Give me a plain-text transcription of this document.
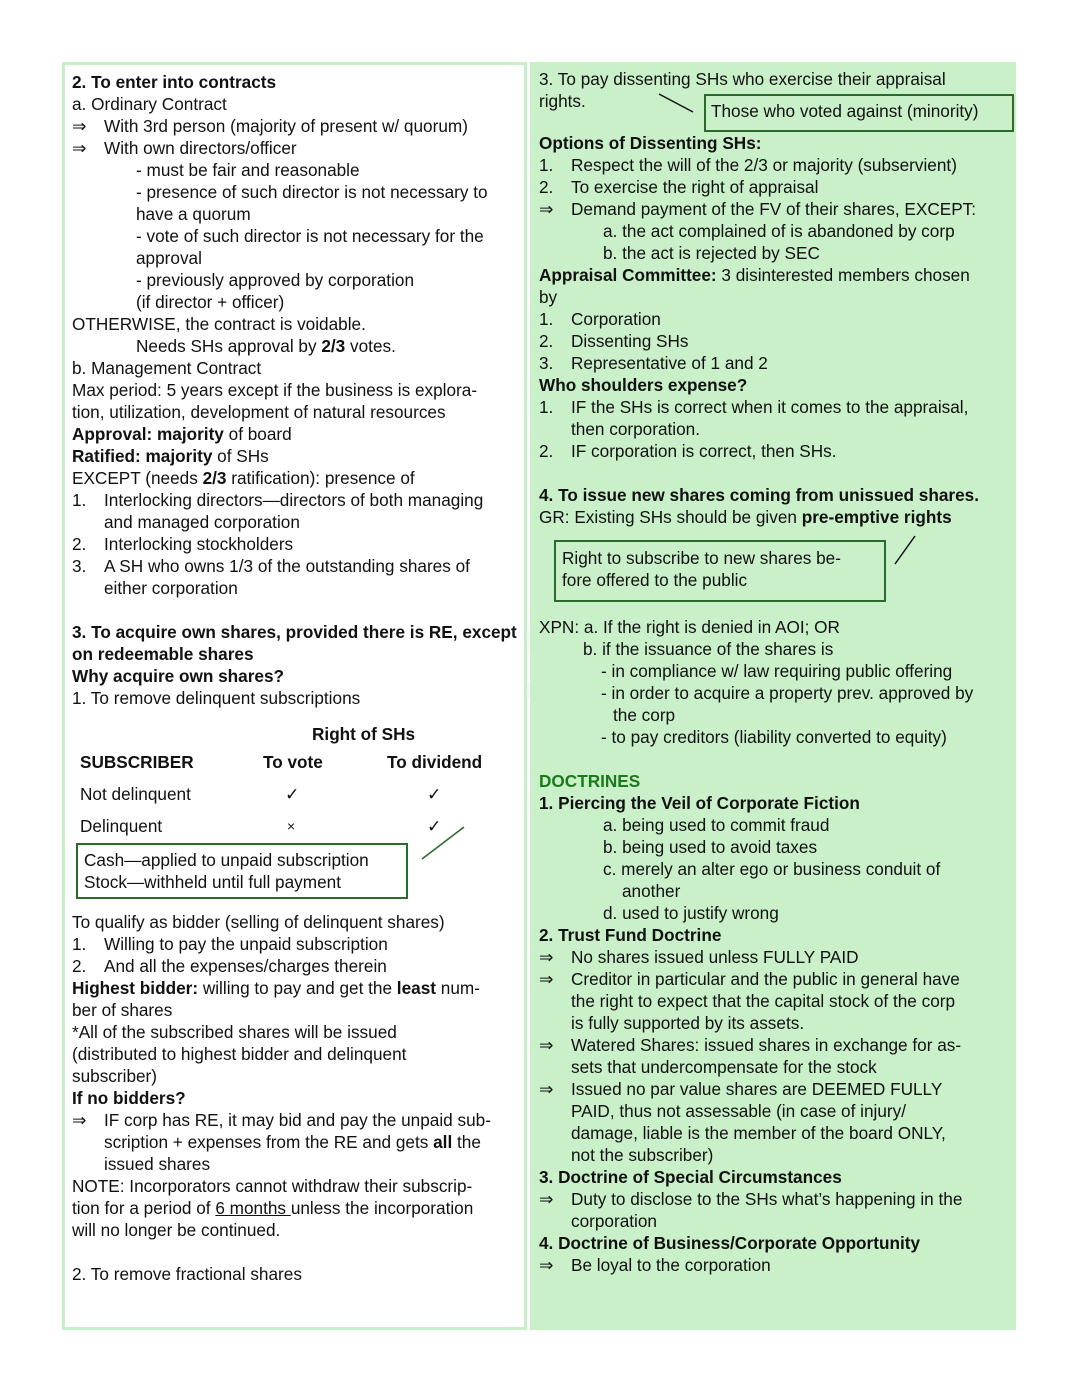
2. To enter into contracts
a. Ordinary Contract
⇒ With 3rd person (majority of present w/ quorum)
⇒ With own directors/officer
- must be fair and reasonable
- presence of such director is not necessary to
have a quorum
- vote of such director is not necessary for the
approval
- previously approved by corporation
(if director + officer)
OTHERWISE, the contract is voidable.
Needs SHs approval by 2/3 votes.
b. Management Contract
Max period: 5 years except if the business is explora-
tion, utilization, development of natural resources
Approval: majority of board
Ratified: majority of SHs
EXCEPT (needs 2/3 ratification): presence of
1. Interlocking directors—directors of both managing
and managed corporation
2. Interlocking stockholders
3. A SH who owns 1/3 of the outstanding shares of
either corporation
3. To acquire own shares, provided there is RE, except
on redeemable shares
Why acquire own shares?
1. To remove delinquent subscriptions
Right of SHs
SUBSCRIBER	To vote	To dividend
Not delinquent	✓	✓
Delinquent	×	✓
Cash—applied to unpaid subscription
Stock—withheld until full payment
To qualify as bidder (selling of delinquent shares)
1. Willing to pay the unpaid subscription
2. And all the expenses/charges therein
Highest bidder: willing to pay and get the least num-
ber of shares
*All of the subscribed shares will be issued
(distributed to highest bidder and delinquent
subscriber)
If no bidders?
⇒ IF corp has RE, it may bid and pay the unpaid sub-
scription + expenses from the RE and gets all the
issued shares
NOTE: Incorporators cannot withdraw their subscrip-
tion for a period of 6 months unless the incorporation
will no longer be continued.
2. To remove fractional shares
3. To pay dissenting SHs who exercise their appraisal
rights.	Those who voted against (minority)
Options of Dissenting SHs:
1. Respect the will of the 2/3 or majority (subservient)
2. To exercise the right of appraisal
⇒ Demand payment of the FV of their shares, EXCEPT:
a. the act complained of is abandoned by corp
b. the act is rejected by SEC
Appraisal Committee: 3 disinterested members chosen
by
1. Corporation
2. Dissenting SHs
3. Representative of 1 and 2
Who shoulders expense?
1. IF the SHs is correct when it comes to the appraisal,
then corporation.
2. IF corporation is correct, then SHs.
4. To issue new shares coming from unissued shares.
GR: Existing SHs should be given pre-emptive rights
Right to subscribe to new shares be-
fore offered to the public
XPN: a. If the right is denied in AOI; OR
b. if the issuance of the shares is
- in compliance w/ law requiring public offering
- in order to acquire a property prev. approved by
the corp
- to pay creditors (liability converted to equity)
DOCTRINES
1. Piercing the Veil of Corporate Fiction
a. being used to commit fraud
b. being used to avoid taxes
c. merely an alter ego or business conduit of
another
d. used to justify wrong
2. Trust Fund Doctrine
⇒ No shares issued unless FULLY PAID
⇒ Creditor in particular and the public in general have
the right to expect that the capital stock of the corp
is fully supported by its assets.
⇒ Watered Shares: issued shares in exchange for as-
sets that undercompensate for the stock
⇒ Issued no par value shares are DEEMED FULLY
PAID, thus not assessable (in case of injury/
damage, liable is the member of the board ONLY,
not the subscriber)
3. Doctrine of Special Circumstances
⇒ Duty to disclose to the SHs what’s happening in the
corporation
4. Doctrine of Business/Corporate Opportunity
⇒ Be loyal to the corporation
